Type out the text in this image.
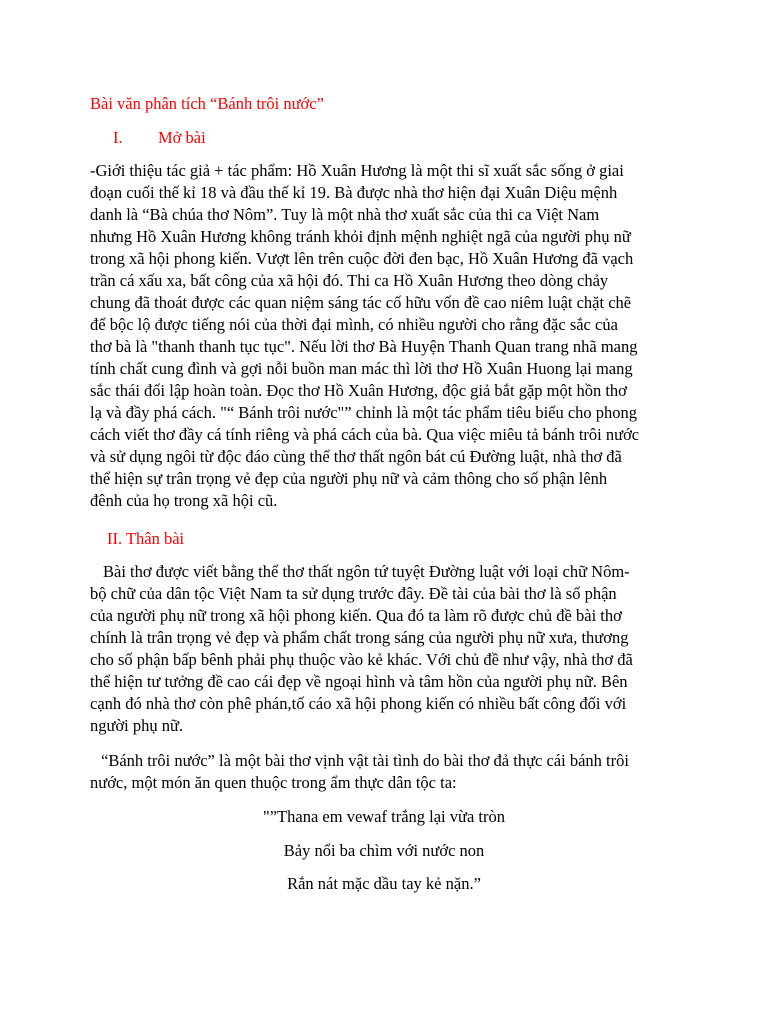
Bài văn phân tích “Bánh trôi nước”
I. Mở bài
-Giới thiệu tác giả + tác phẩm: Hồ Xuân Hương là một thi sĩ xuất sắc sống ở giai
đoạn cuối thế kỉ 18 và đầu thế kỉ 19. Bà được nhà thơ hiện đại Xuân Diệu mệnh
danh là “Bà chúa thơ Nôm”. Tuy là một nhà thơ xuất sắc của thi ca Việt Nam
nhưng Hồ Xuân Hương không tránh khỏi định mệnh nghiệt ngã của người phụ nữ
trong xã hội phong kiến. Vượt lên trên cuộc đời đen bạc, Hồ Xuân Hương đã vạch
trần cá xấu xa, bất công của xã hội đó. Thi ca Hồ Xuân Hương theo dòng chảy
chung đã thoát được các quan niệm sáng tác cố hữu vốn đề cao niêm luật chặt chẽ
để bộc lộ được tiếng nói của thời đại mình, có nhiều người cho rằng đặc sắc của
thơ bà là "thanh thanh tục tục". Nếu lời thơ Bà Huyện Thanh Quan trang nhã mang
tính chất cung đình và gợi nỗi buồn man mác thì lời thơ Hồ Xuân Huong lại mang
sắc thái đối lập hoàn toàn. Đọc thơ Hồ Xuân Hương, độc giả bắt gặp một hồn thơ
lạ và đầy phá cách. "“ Bánh trôi nước"” chỉnh là một tác phẩm tiêu biểu cho phong
cách viết thơ đầy cá tính riêng và phá cách của bà. Qua việc miêu tả bánh trôi nước
và sử dụng ngôi từ độc đáo cùng thể thơ thất ngôn bát cú Đường luật, nhà thơ đã
thể hiện sự trân trọng vẻ đẹp của người phụ nữ và cảm thông cho số phận lênh
đênh của họ trong xã hội cũ.
II. Thân bài
Bài thơ được viết bằng thể thơ thất ngôn tứ tuyệt Đường luật với loại chữ Nôm-
bộ chữ của dân tộc Việt Nam ta sử dụng trước đây. Đề tài của bài thơ là số phận
của người phụ nữ trong xã hội phong kiến. Qua đó ta làm rõ được chủ đề bài thơ
chính là trân trọng vẻ đẹp và phẩm chất trong sáng của người phụ nữ xưa, thương
cho số phận bấp bênh phải phụ thuộc vào kẻ khác. Với chủ đề như vậy, nhà thơ đã
thể hiện tư tưởng đề cao cái đẹp về ngoại hình và tâm hồn của người phụ nữ. Bên
cạnh đó nhà thơ còn phê phán,tố cáo xã hội phong kiến có nhiều bất công đối với
người phụ nữ.
“Bánh trôi nước” là một bài thơ vịnh vật tài tình do bài thơ đả thực cái bánh trôi
nước, một món ăn quen thuộc trong ẩm thực dân tộc ta:
"”Thana em vewaf trắng lại vừa tròn
Bảy nổi ba chìm với nước non
Rắn nát mặc dầu tay kẻ nặn.”
